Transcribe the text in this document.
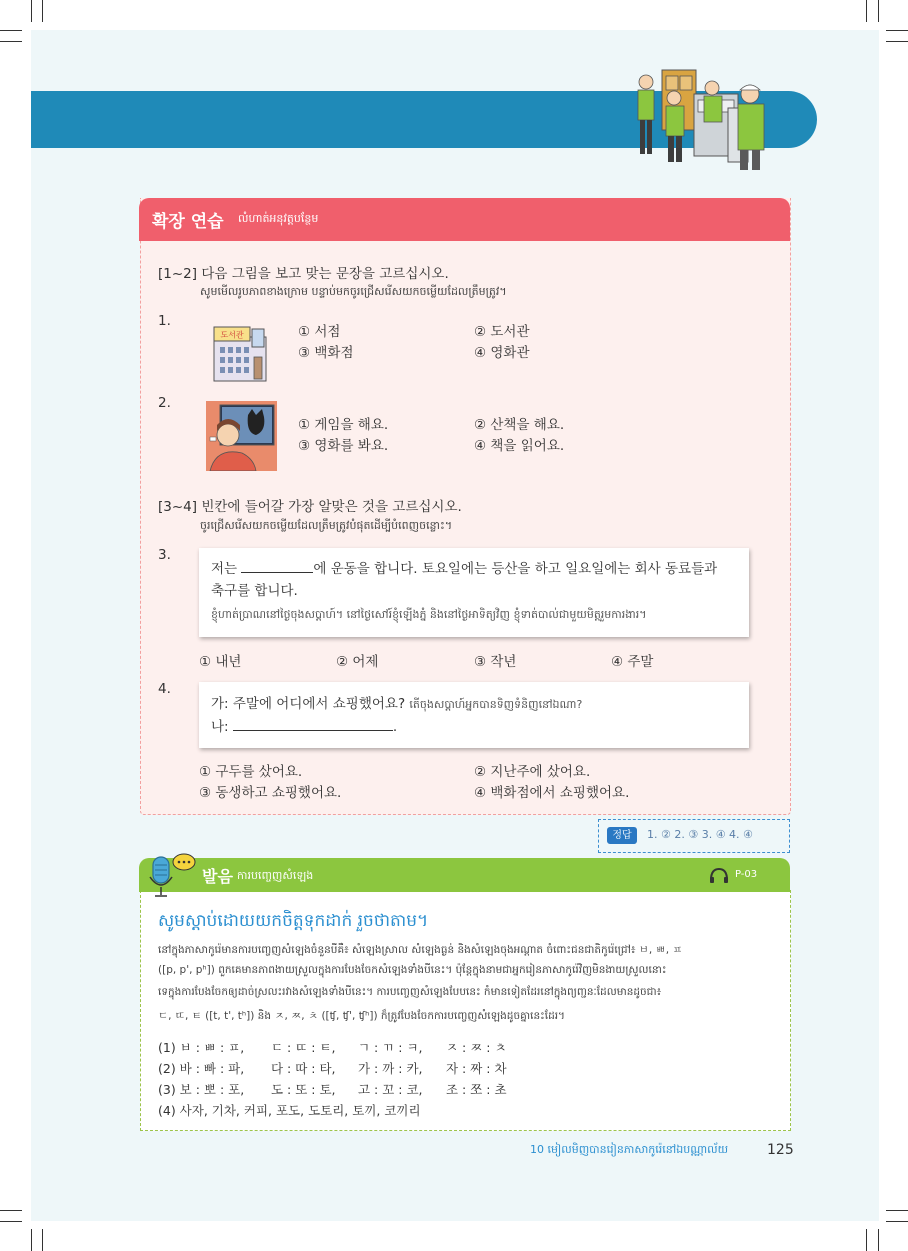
확장 연습 លំហាត់អនុវត្តបន្ថែម
[1~2] 다음 그림을 보고 맞는 문장을 고르십시오.
សូមមើលរូបភាពខាងក្រោម បន្ទាប់មកចូរជ្រើសរើសយកចម្លើយដែលត្រឹមត្រូវ។
1.
도서관	① 서점	② 도서관
③ 백화점	④ 영화관
2.
① 게임을 해요.	② 산책을 해요.
③ 영화를 봐요.	④ 책을 읽어요.
[3~4] 빈칸에 들어갈 가장 알맞은 것을 고르십시오.
ចូរជ្រើសរើសយកចម្លើយដែលត្រឹមត្រូវបំផុតដើម្បីបំពេញចន្លោះ។
3.
저는	에 운동을 합니다. 토요일에는 등산을 하고 일요일에는 회사 동료들과
축구를 합니다.
ខ្ញុំហាត់ប្រាណនៅថ្ងៃចុងសប្ដាហ៍។ នៅថ្ងៃសៅរ៍ខ្ញុំឡើងភ្នំ និងនៅថ្ងៃអាទិត្យវិញ ខ្ញុំទាត់បាល់ជាមួយមិត្តរួមការងារ។
① 내년	② 어제	③ 작년	④ 주말
4.
가: 주말에 어디에서 쇼핑했어요? តើចុងសប្ដាហ៍អ្នកបានទិញទំនិញនៅឯណា?
나:	.
① 구두를 샀어요.	② 지난주에 샀어요.
③ 동생하고 쇼핑했어요.	④ 백화점에서 쇼핑했어요.
정답	1. ② 2. ③ 3. ④ 4. ④
발음 ការបញ្ចេញសំឡេង	P-03
សូមស្ដាប់ដោយយកចិត្តទុកដាក់ រួចថាតាម។
នៅក្នុងភាសាកូរ៉េមានការបញ្ចេញសំឡេងចំនួនបីគឺ៖ សំឡេងស្រាល សំឡេងធ្ងន់ និងសំឡេងចុងអណ្ដាត ចំពោះជនជាតិកូរ៉េជ្រៅ៖ ㅂ, ㅃ, ㅍ
([p, p', pʰ]) ពួកគេមានភាពងាយស្រួលក្នុងការបែងចែកសំឡេងទាំងបីនេះ។ ប៉ុន្តែក្នុងនាមជាអ្នករៀនភាសាកូរ៉េវិញមិនងាយស្រួលនោះ
ទេក្នុងការបែងចែកឲ្យដាច់ស្រលះរវាងសំឡេងទាំងបីនេះ។ ការបញ្ចេញសំឡេងបែបនេះ កំមានទៀតដែរនៅក្នុងព្យញ្ជនៈដែលមានដូចជា៖
ㄷ, ㄸ, ㅌ ([t, t', tʰ]) និង ㅈ, ㅉ, ㅊ ([ʧ, ʧ', ʧʰ]) ក៏ត្រូវបែងចែកការបញ្ចេញសំឡេងដូចគ្នានេះដែរ។
(1) ㅂ : ㅃ : ㅍ, ㄷ : ㄸ : ㅌ, ㄱ : ㄲ : ㅋ, ㅈ : ㅉ : ㅊ
(2) 바 : 빠 : 파, 다 : 따 : 타, 가 : 까 : 카, 자 : 짜 : 차
(3) 보 : 뽀 : 포, 도 : 또 : 토, 고 : 꼬 : 코, 조 : 쪼 : 초
(4) 사자, 기차, 커피, 포도, 도토리, 토끼, 코끼리
10 មៀលមិញបានរៀនភាសាកូរ៉េនៅឯបណ្ណាល័យ	125
